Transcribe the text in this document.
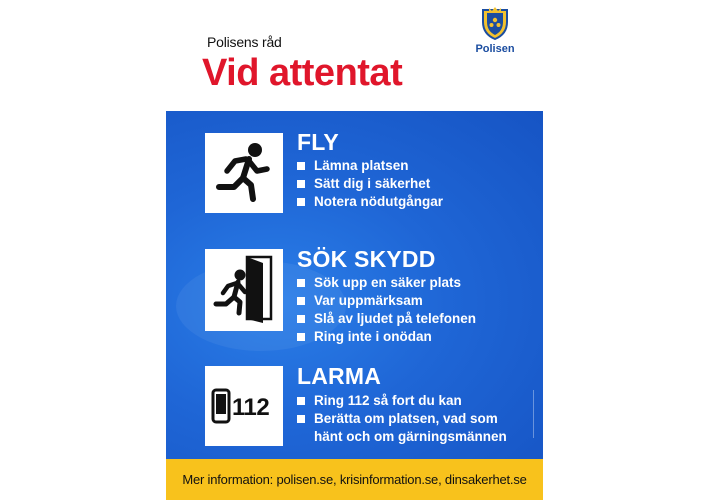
Polisens råd
Vid attentat
Polisen
FLY
Lämna platsen
Sätt dig i säkerhet
Notera nödutgångar
SÖK SKYDD
Sök upp en säker plats
Var uppmärksam
Slå av ljudet på telefonen
Ring inte i onödan
112
LARMA
Ring 112 så fort du kan
Berätta om platsen, vad som
hänt och om gärningsmännen
Mer information: polisen.se, krisinformation.se, dinsakerhet.se
